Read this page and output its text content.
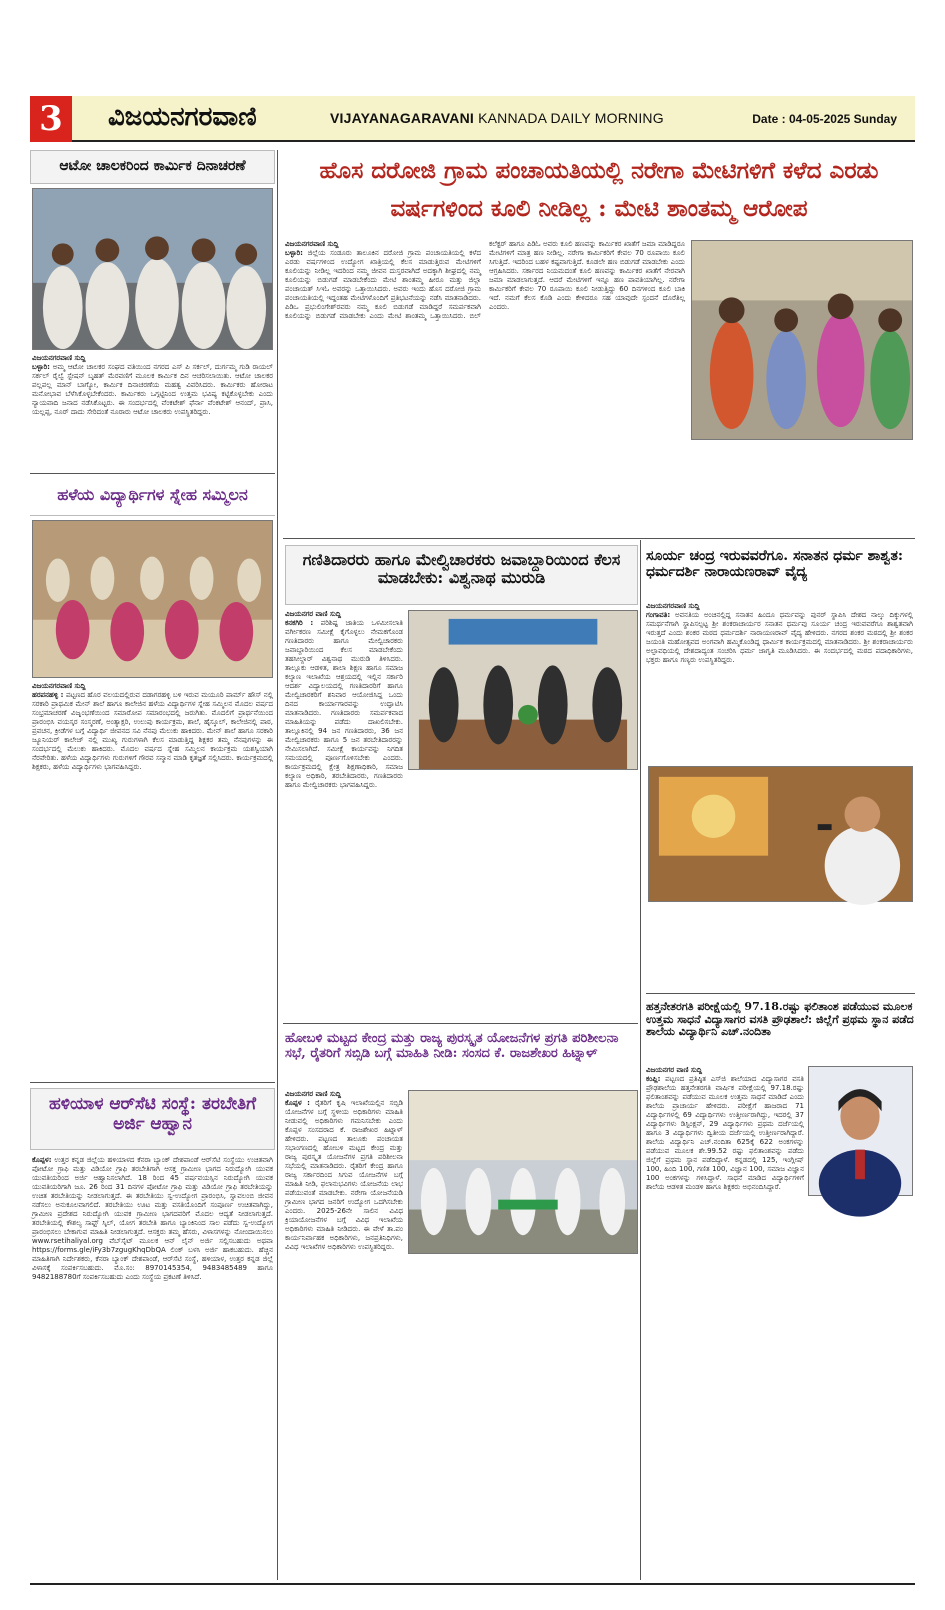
3	ವಿಜಯನಗರವಾಣಿ	VIJAYANAGARAVANI KANNADA DAILY MORNING	Date : 04-05-2025 Sunday
ಆಟೋ ಚಾಲಕರಿಂದ ಕಾರ್ಮಿಕ ದಿನಾಚರಣೆ
ವಿಜಯನಗರವಾಣಿ ಸುದ್ದಿ
ಬಳ್ಳಾರಿ: ಅಮ್ಮ ಆಟೋ ಚಾಲಕರ ಸಂಘದ ವತಿಯಿಂದ ನಗರದ ಎಸ್ ಪಿ ಸರ್ಕಲ್, ದುರ್ಗಮ್ಮ ಗುಡಿ ರಾಯಲ್ ಸರ್ಕಲ್ ರೈಲ್ವೆ ಸ್ಟೇಷನ್ ಬೃಹತ್ ಮೆರವಣಿಗೆ ಮೂಲಕ ಕಾರ್ಮಿಕ ದಿನ ಆಚರಿಸಲಾಯಿತು. ಆಟೋ ಚಾಲಕರ ಪಲ್ಲಪಲ್ಲ ಮಾನ್ ಬಾಗ್ಯೋ, ಕಾರ್ಮಿಕ ದಿನಾಚರಣೆಯ ಮಹತ್ವ ವಿವರಿಸಿದರು. ಕಾರ್ಮಿಕರು ಹೋರಾಟ ಮನೋಭಾವ ಬೆಳೆಸಿಕೊಳ್ಳಬೇಕೆಂದರು. ಕಾರ್ಮಿಕರು ಒಗ್ಗಟ್ಟಿನಿಂದ ಉತ್ತಮ ಭವಿಷ್ಯ ಕಟ್ಟಿಕೊಳ್ಳಬೇಕು ಎಂದು ನ್ಯಾಯವಾದಿ ಜನಾದ ನಡೆಸಿಕೊಟ್ಟರು. ಈ ಸಂದರ್ಭದಲ್ಲಿ ವೆಂಕಟೇಶ್ ಫೆರ್ನಾ ವೆಂಕಟೇಶ್ ಆನಂದ್, ಪ್ರಾಸಿ, ಯಲ್ಲಪ್ಪ, ನೂರ್ ದಾದು ಸೇರಿದಂತೆ ನೂರಾರು ಆಟೋ ಚಾಲಕರು ಉಪಸ್ಥಿತರಿದ್ದರು.
ಹಳೆಯ ವಿದ್ಯಾರ್ಥಿಗಳ ಸ್ನೇಹ ಸಮ್ಮಿಲನ
ವಿಜಯನಗರವಾಣಿ ಸುದ್ದಿ
ಹರಪನಹಳ್ಳಿ : ಪಟ್ಟಣದ ಹೊರ ವಲಯದಲ್ಲಿರುವ ದಡಾಗರಹಳ್ಳಿ ಬಳಿ ಇರುವ ಮಯೂರಿ ಪಾರ್ಮ್ ಹೌಸ್ ನಲ್ಲಿ ಸರಕಾರಿ ಪ್ರಾಥಮಿಕ ಮೇನ್ ಶಾಲೆ ಹಾಗೂ ಕಾಲೇಜಿನ ಹಳೆಯ ವಿದ್ಯಾರ್ಥಿಗಳ ಸ್ನೇಹ ಸಮ್ಮಿಲನ ಮೊದಲ ವರ್ಷದ ಸಂಭ್ರಮಾಚರಣೆ ವಿಜೃಂಭಣೆಯಿಂದ ಸಮಾರೋಪ ಸಮಾರಂಭದಲ್ಲಿ ಜರುಗಿತು. ಮೊದಲಿಗೆ ಪ್ರಾರ್ಥನೆಯಿಂದ ಪ್ರಾರಂಭಿಸಿ ವಯಸ್ಕರ ಸಂಸ್ಮರಣೆ, ಅಂತ್ಯಾಕ್ಷರಿ, ಉಲುಪು ಕಾರ್ಯಕ್ರಮ, ಶಾಲೆ, ಹೈಸ್ಕೂಲ್, ಕಾಲೇಜಿನಲ್ಲಿ ಪಾಠ, ಪ್ರವಚನ, ಕ್ರೀಡೆಗಳ ಬಗ್ಗೆ ವಿದ್ಯಾರ್ಥಿ ಜೀವನದ ಸವಿ ನೆನಪು ಮೆಲುಕು ಹಾಕಿದರು. ಮೇನ್ ಶಾಲೆ ಹಾಗೂ ಸರಕಾರಿ ಜ್ಯೂನಿಯರ್ ಕಾಲೇಜ್ ನಲ್ಲಿ ಮುಖ್ಯ ಗುರುಗಳಾಗಿ ಕೆಲಸ ಮಾಡುತ್ತಿದ್ದ ಶಿಕ್ಷಕರ ತಮ್ಮ ನೆನಪುಗಳನ್ನು ಈ ಸಂದರ್ಭದಲ್ಲಿ ಮೆಲುಕು ಹಾಕಿದರು. ಮೊದಲ ವರ್ಷದ ಸ್ನೇಹ ಸಮ್ಮಿಲನ ಕಾರ್ಯಕ್ರಮ ಯಶಸ್ವಿಯಾಗಿ ನೆರವೇರಿತು. ಹಳೆಯ ವಿದ್ಯಾರ್ಥಿಗಳು ಗುರುಗಳಿಗೆ ಗೌರವ ಸನ್ಮಾನ ಮಾಡಿ ಕೃತಜ್ಞತೆ ಸಲ್ಲಿಸಿದರು. ಕಾರ್ಯಕ್ರಮದಲ್ಲಿ ಶಿಕ್ಷಕರು, ಹಳೆಯ ವಿದ್ಯಾರ್ಥಿಗಳು ಭಾಗವಹಿಸಿದ್ದರು.
ಹಳಿಯಾಳ ಆರ್‌ಸೆಟಿ ಸಂಸ್ಥೆ: ತರಬೇತಿಗೆ ಅರ್ಜಿ ಆಹ್ವಾನ
ಕೊಪ್ಪಳ: ಉತ್ತರ ಕನ್ನಡ ಜಿಲ್ಲೆಯ ಹಳಿಯಾಳದ ಕೆನರಾ ಬ್ಯಾಂಕ್ ದೇಶಪಾಂಡೆ ಆರ್‌ಸೆಟಿ ಸಂಸ್ಥೆಯು ಉಚಿತವಾಗಿ ಪೋಟೋ ಗ್ರಾಫಿ ಮತ್ತು ವಿಡಿಯೋ ಗ್ರಾಫಿ ತರಬೇತಿಗಾಗಿ ಆಸಕ್ತ ಗ್ರಾಮೀಣ ಭಾಗದ ನಿರುದ್ಯೋಗಿ ಯುವಕ ಯುವತಿಯರಿಂದ ಅರ್ಜಿ ಆಹ್ವಾನಿಸಲಾಗಿದೆ. 18 ರಿಂದ 45 ವರ್ಷವಯಸ್ಸಿನ ನಿರುದ್ಯೋಗಿ ಯುವಕ ಯುವತಿಯರಿಗಾಗಿ ಜೂ. 26 ರಿಂದ 31 ದಿನಗಳ ಪೋಟೋ ಗ್ರಾಫಿ ಮತ್ತು ವಿಡಿಯೋ ಗ್ರಾಫಿ ತರಬೇತಿಯನ್ನು ಉಚಿತ ತರಬೇತಿಯನ್ನು ನೀಡಲಾಗುತ್ತದೆ. ಈ ತರಬೇತಿಯು ಸ್ವ-ಉದ್ಯೋಗ ಪ್ರಾರಂಭಿಸಿ, ಸ್ವಾವಲಂಬಿ ಜೀವನ ನಡೆಸಲು ಅನುಕೂಲವಾಗಲಿದೆ. ತರಬೇತಿಯು ಊಟ ಮತ್ತು ವಸತಿಯೊಂದಿಗೆ ಸಂಪೂರ್ಣ ಉಚಿತವಾಗಿದ್ದು, ಗ್ರಾಮೀಣ ಪ್ರದೇಶದ ನಿರುದ್ಯೋಗಿ ಯುವಕ ಗ್ರಾಮೀಣ ಭಾಗದವರಿಗೆ ಮೊದಲ ಆದ್ಯತೆ ನೀಡಲಾಗುತ್ತದೆ. ತರಬೇತಿಯಲ್ಲಿ ಕೌಶಲ್ಯ ಸಾಫ್ಟ್ ಸ್ಕಿಲ್, ಯೋಗ ತರಬೇತಿ ಹಾಗೂ ಬ್ಯಾಂಕಿನಿಂದ ಸಾಲ ಪಡೆದು ಸ್ವ-ಉದ್ಯೋಗ ಪ್ರಾರಂಭಿಸಲು ಬೇಕಾಗುವ ಮಾಹಿತಿ ನೀಡಲಾಗುತ್ತದೆ. ಆಸಕ್ತರು ತಮ್ಮ ಹೆಸರು, ವಿಳಾಸಗಳನ್ನು ನೋಂದಾಯಿಸಲು www.rsetihaliyal.org ವೆಬ್‌ಸೈಟ್ ಮೂಲಕ ಆನ್ ಲೈನ್ ಅರ್ಜಿ ಸಲ್ಲಿಸಬಹುದು ಅಥವಾ https://forms.gle/iFy3b7zgugKhqDbQA ಲಿಂಕ್ ಬಳಸಿ ಅರ್ಜಿ ಹಾಕಬಹುದು. ಹೆಚ್ಚಿನ ಮಾಹಿತಿಗಾಗಿ ನಿರ್ದೇಶಕರು, ಕೆನರಾ ಬ್ಯಾಂಕ್ ದೇಶಪಾಂಡೆ, ಆರ್‌ಸೆಟಿ ಸಂಸ್ಥೆ, ಹಳಿಯಾಳ, ಉತ್ತರ ಕನ್ನಡ ಜಿಲ್ಲೆ ವಿಳಾಸಕ್ಕೆ ಸಂಪರ್ಕಿಸಬಹುದು. ಮೊ.ಸಂ: 8970145354, 9483485489 ಹಾಗೂ 9482188780ಗೆ ಸಂಪರ್ಕಿಸಬಹುದು ಎಂದು ಸಂಸ್ಥೆಯ ಪ್ರಕಟಣೆ ತಿಳಿಸಿದೆ.
ಹೊಸ ದರೋಜಿ ಗ್ರಾಮ ಪಂಚಾಯತಿಯಲ್ಲಿ ನರೇಗಾ ಮೇಟಿಗಳಿಗೆ ಕಳೆದ ಎರಡು ವರ್ಷಗಳಿಂದ ಕೂಲಿ ನೀಡಿಲ್ಲ : ಮೇಟಿ ಶಾಂತಮ್ಮ ಆರೋಪ
ವಿಜಯನಗರವಾಣಿ ಸುದ್ದಿ
ಬಳ್ಳಾರಿ: ಜಿಲ್ಲೆಯ ಸಂಡೂರು ತಾಲೂಕಿನ ದರೋಜಿ ಗ್ರಾಮ ಪಂಚಾಯತಿಯಲ್ಲಿ ಕಳೆದ ಎರಡು ವರ್ಷಗಳಿಂದ ಉದ್ಯೋಗ ಖಾತ್ರಿಯಲ್ಲಿ ಕೆಲಸ ಮಾಡುತ್ತಿರುವ ಮೇಟಿಗಳಿಗೆ ಕೂಲಿಯನ್ನು ನೀಡಿಲ್ಲ ಇದರಿಂದ ನಮ್ಮ ಜೀವನ ದುಸ್ತರವಾಗಿದೆ ಅದಕ್ಕಾಗಿ ಶೀಘ್ರದಲ್ಲಿ ನಮ್ಮ ಕೂಲಿಯನ್ನು ಬಿಡುಗಡೆ ಮಾಡಬೇಕೆಂದು ಮೇಟಿ ಶಾಂತಮ್ಮ ಹೀರೂ ಮತ್ತು ಜಿಲ್ಲಾ ಪಂಚಾಯತ್ ಸಿಇಓ ಅವರನ್ನು ಒತ್ತಾಯಿಸಿದರು. ಅವರು ಇಂದು ಹೊಸ ದರೋಜಿ ಗ್ರಾಮ ಪಂಚಾಯತಿಯಲ್ಲಿ ಇದ್ದಂತಹ ಮೇಟಿಗಳೊಂದಿಗೆ ಪ್ರತಿಭಟನೆಯನ್ನು ನಡೆಸಿ ಮಾತನಾಡಿದರು. ಪಿಡಿಒ ಪ್ರಭುಲಿಂಗೇಶ್‌ರವರು ನಮ್ಮ ಕೂಲಿ ಬಿಡುಗಡೆ ಮಾಡಿದ್ದರೆ ಸಮರ್ಪಕವಾಗಿ ಕೂಲಿಯನ್ನು ಬಿಡುಗಡೆ ಮಾಡಬೇಕು ಎಂದು ಮೇಟಿ ಶಾಂತಮ್ಮ ಒತ್ತಾಯಿಸಿದರು. ಬಿಲ್ ಕಲೆಕ್ಟರ್ ಹಾಗೂ ಪಿಡಿಓ ಅವರು ಕೂಲಿ ಹಣವನ್ನು ಕಾರ್ಮಿಕರ ಖಾತೆಗೆ ಜಮಾ ಮಾಡಿದ್ದರೂ ಮೇಟಿಗಳಿಗೆ ಮಾತ್ರ ಹಣ ನೀಡಿಲ್ಲ. ನರೇಗಾ ಕಾರ್ಮಿಕರಿಗೆ ಕೇವಲ 70 ರೂಪಾಯಿ ಕೂಲಿ ಸಿಗುತ್ತಿದೆ. ಇದರಿಂದ ಬಹಳ ಕಷ್ಟವಾಗುತ್ತಿದೆ. ಕೂಡಲೇ ಹಣ ಬಿಡುಗಡೆ ಮಾಡಬೇಕು ಎಂದು ಆಗ್ರಹಿಸಿದರು. ಸರ್ಕಾರದ ನಿಯಮದಂತೆ ಕೂಲಿ ಹಣವನ್ನು ಕಾರ್ಮಿಕರ ಖಾತೆಗೆ ನೇರವಾಗಿ ಜಮಾ ಮಾಡಲಾಗುತ್ತದೆ. ಆದರೆ ಮೇಟಿಗಳಿಗೆ ಇನ್ನೂ ಹಣ ಪಾವತಿಯಾಗಿಲ್ಲ. ನರೇಗಾ ಕಾರ್ಮಿಕರಿಗೆ ಕೇವಲ 70 ರೂಪಾಯಿ ಕೂಲಿ ನೀಡುತ್ತಿದ್ದು 60 ದಿನಗಳಿಂದ ಕೂಲಿ ಬಾಕಿ ಇದೆ. ನಮಗೆ ಕೆಲಸ ಕೊಡಿ ಎಂದು ಕೇಳಿದರೂ ಸಹ ಯಾವುದೇ ಸ್ಪಂದನೆ ದೊರೆತಿಲ್ಲ ಎಂದರು.
ಗಣಿತಿದಾರರು ಹಾಗೂ ಮೇಲ್ವಿಚಾರಕರು ಜವಾಬ್ದಾರಿಯಿಂದ ಕೆಲಸ ಮಾಡಬೇಕು: ವಿಶ್ವನಾಥ ಮುರುಡಿ
ವಿಜಯನಗರ ವಾಣಿ ಸುದ್ದಿ
ಕನಕಗಿರಿ : ಪರಿಶಿಷ್ಟ ಜಾತಿಯ ಒಳಮೀಸಲಾತಿ ವರ್ಗೀಕರಣ ಸಮೀಕ್ಷೆ ಕೈಗೊಳ್ಳಲು ನೇಮಕಗೊಂಡ ಗಣತಿದಾರರು ಹಾಗೂ ಮೇಲ್ವಿಚಾರಕರು ಜವಾಬ್ದಾರಿಯಿಂದ ಕೆಲಸ ಮಾಡಬೇಕೆಂದು ತಹಸೀಲ್ದಾರ್ ವಿಶ್ವನಾಥ ಮುರುಡಿ ತಿಳಿಸಿದರು. ತಾಲ್ಲೂಕು ಆಡಳಿತ, ಶಾಲಾ ಶಿಕ್ಷಣ ಹಾಗೂ ಸಮಾಜ ಕಲ್ಯಾಣ ಇಲಾಖೆಯ ಆಶ್ರಯದಲ್ಲಿ ಇಲ್ಲಿನ ಸರ್ಕಾರಿ ಆದರ್ಶ ವಿದ್ಯಾಲಯದಲ್ಲಿ ಗಣತಿದಾರರಿಗೆ ಹಾಗೂ ಮೇಲ್ವಿಚಾರಕರಿಗೆ ಶನಿವಾರ ಆಯೋಜಿಸಿದ್ದ ಒಂದು ದಿನದ ಕಾರ್ಯಾಗಾರವನ್ನು ಉದ್ಘಾಟಿಸಿ ಮಾತನಾಡಿದರು. ಗಣತಿದಾರರು ಸಮರ್ಪಕವಾದ ಮಾಹಿತಿಯನ್ನು ಪಡೆದು ದಾಖಲಿಸಬೇಕು. ತಾಲ್ಲೂಕಿನಲ್ಲಿ 94 ಜನ ಗಣತಿದಾರರು, 36 ಜನ ಮೇಲ್ವಿಚಾರಕರು ಹಾಗೂ 5 ಜನ ತರಬೇತಿದಾರರನ್ನು ನೇಮಿಸಲಾಗಿದೆ. ಸಮೀಕ್ಷೆ ಕಾರ್ಯವನ್ನು ನಿಗದಿತ ಸಮಯದಲ್ಲಿ ಪೂರ್ಣಗೊಳಿಸಬೇಕು ಎಂದರು. ಕಾರ್ಯಕ್ರಮದಲ್ಲಿ ಕ್ಷೇತ್ರ ಶಿಕ್ಷಣಾಧಿಕಾರಿ, ಸಮಾಜ ಕಲ್ಯಾಣ ಅಧಿಕಾರಿ, ತರಬೇತಿದಾರರು, ಗಣತಿದಾರರು ಹಾಗೂ ಮೇಲ್ವಿಚಾರಕರು ಭಾಗವಹಿಸಿದ್ದರು.
ಹೋಬಳಿ ಮಟ್ಟದ ಕೇಂದ್ರ ಮತ್ತು ರಾಜ್ಯ ಪುರಸ್ಕೃತ ಯೋಜನೆಗಳ ಪ್ರಗತಿ ಪರಿಶೀಲನಾ ಸಭೆ, ರೈತರಿಗೆ ಸಬ್ಸಿಡಿ ಬಗ್ಗೆ ಮಾಹಿತಿ ನೀಡಿ: ಸಂಸದ ಕೆ. ರಾಜಶೇಖರ ಹಿಟ್ನಾಳ್
ವಿಜಯನಗರ ವಾಣಿ ಸುದ್ದಿ
ಕೊಪ್ಪಳ : ರೈತರಿಗೆ ಕೃಷಿ ಇಲಾಖೆಯಲ್ಲಿನ ಸಬ್ಸಿಡಿ ಯೋಜನೆಗಳ ಬಗ್ಗೆ ಸ್ಥಳೀಯ ಅಧಿಕಾರಿಗಳು ಮಾಹಿತಿ ನೀಡುವಲ್ಲಿ ಅಧಿಕಾರಿಗಳು ಗಮನಿಸಬೇಕು ಎಂದು ಕೊಪ್ಪಳ ಸಂಸದರಾದ ಕೆ. ರಾಜಶೇಖರ ಹಿಟ್ನಾಳ್ ಹೇಳಿದರು. ಪಟ್ಟಣದ ತಾಲೂಕು ಪಂಚಾಯತ ಸಭಾಂಗಣದಲ್ಲಿ ಹೋಬಳಿ ಮಟ್ಟದ ಕೇಂದ್ರ ಮತ್ತು ರಾಜ್ಯ ಪುರಸ್ಕೃತ ಯೋಜನೆಗಳ ಪ್ರಗತಿ ಪರಿಶೀಲನಾ ಸಭೆಯಲ್ಲಿ ಮಾತನಾಡಿದರು. ರೈತರಿಗೆ ಕೇಂದ್ರ ಹಾಗೂ ರಾಜ್ಯ ಸರ್ಕಾರದಿಂದ ಸಿಗುವ ಯೋಜನೆಗಳ ಬಗ್ಗೆ ಮಾಹಿತಿ ನೀಡಿ, ಫಲಾನುಭವಿಗಳು ಯೋಜನೆಯ ಲಾಭ ಪಡೆಯುವಂತೆ ಮಾಡಬೇಕು. ನರೇಗಾ ಯೋಜನೆಯಡಿ ಗ್ರಾಮೀಣ ಭಾಗದ ಜನರಿಗೆ ಉದ್ಯೋಗ ಒದಗಿಸಬೇಕು ಎಂದರು. 2025-26ನೇ ಸಾಲಿನ ವಿವಿಧ ಕ್ರಿಯಾಯೋಜನೆಗಳ ಬಗ್ಗೆ ವಿವಿಧ ಇಲಾಖೆಯ ಅಧಿಕಾರಿಗಳು ಮಾಹಿತಿ ನೀಡಿದರು. ಈ ವೇಳೆ ತಾ.ಪಂ ಕಾರ್ಯನಿರ್ವಾಹಕ ಅಧಿಕಾರಿಗಳು, ಜನಪ್ರತಿನಿಧಿಗಳು, ವಿವಿಧ ಇಲಾಖೆಗಳ ಅಧಿಕಾರಿಗಳು ಉಪಸ್ಥಿತರಿದ್ದರು.
ಸೂರ್ಯ ಚಂದ್ರ ಇರುವವರೆಗೂ. ಸನಾತನ ಧರ್ಮ ಶಾಶ್ವತ: ಧರ್ಮದರ್ಶಿ ನಾರಾಯಣರಾವ್ ವೈದ್ಯ
ವಿಜಯನಗರವಾಣಿ ಸುದ್ದಿ
ಗಂಗಾವತಿ: ಅವನತಿಯ ಅಂಚಿನಲ್ಲಿದ್ದ ಸನಾತನ ಹಿಂದೂ ಧರ್ಮವನ್ನು ಪುನರ್ ಸ್ಥಾಪಿಸಿ ದೇಶದ ನಾಲ್ಕು ದಿಕ್ಕುಗಳಲ್ಲಿ ಸಮರ್ಥನೆಗಾಗಿ ಸ್ಥಾಪಿಸಲ್ಪಟ್ಟ ಶ್ರೀ ಶಂಕರಾಚಾರ್ಯರ ಸನಾತನ ಧರ್ಮವು ಸೂರ್ಯ ಚಂದ್ರ ಇರುವವರೆಗೂ ಶಾಶ್ವತವಾಗಿ ಇರುತ್ತದೆ ಎಂದು ಶಂಕರ ಮಠದ ಧರ್ಮದರ್ಶಿ ನಾರಾಯಣರಾವ್ ವೈದ್ಯ ಹೇಳಿದರು. ನಗರದ ಶಂಕರ ಮಠದಲ್ಲಿ ಶ್ರೀ ಶಂಕರ ಜಯಂತಿ ಮಹೋತ್ಸವದ ಅಂಗವಾಗಿ ಹಮ್ಮಿಕೊಂಡಿದ್ದ ಧಾರ್ಮಿಕ ಕಾರ್ಯಕ್ರಮದಲ್ಲಿ ಮಾತನಾಡಿದರು. ಶ್ರೀ ಶಂಕರಾಚಾರ್ಯರು ಅಲ್ಪಾವಧಿಯಲ್ಲಿ ದೇಶದಾದ್ಯಂತ ಸಂಚರಿಸಿ ಧರ್ಮ ಜಾಗೃತಿ ಮೂಡಿಸಿದರು. ಈ ಸಂದರ್ಭದಲ್ಲಿ ಮಠದ ಪದಾಧಿಕಾರಿಗಳು, ಭಕ್ತರು ಹಾಗೂ ಗಣ್ಯರು ಉಪಸ್ಥಿತರಿದ್ದರು.
ಹತ್ತನೇತರಗತಿ ಪರೀಕ್ಷೆಯಲ್ಲಿ 97.18.ರಷ್ಟು ಫಲಿತಾಂಶ ಪಡೆಯುವ ಮೂಲಕ ಉತ್ತಮ ಸಾಧನೆ ವಿದ್ಯಾಸಾಗರ ವಸತಿ ಪ್ರೌಢಶಾಲೆ: ಜಿಲ್ಲೆಗೆ ಪ್ರಥಮ ಸ್ಥಾನ ಪಡೆದ ಶಾಲೆಯ ವಿದ್ಯಾರ್ಥಿನಿ ಎಚ್.ನಂದಿತಾ
ವಿಜಯನಗರ ವಾಣಿ ಸುದ್ದಿ
ಕಂಪ್ಲಿ: ಪಟ್ಟಣದ ಪ್ರತಿಷ್ಠಿತ ಎಸ್‌ಜಿ ಶಾಲೆಯಾದ ವಿದ್ಯಾಸಾಗರ ವಸತಿ ಪ್ರೌಢಶಾಲೆಯ ಹತ್ತನೇತರಗತಿ ವಾರ್ಷಿಕ ಪರೀಕ್ಷೆಯಲ್ಲಿ 97.18.ರಷ್ಟು ಫಲಿತಾಂಶವನ್ನು ಪಡೆಯುವ ಮೂಲಕ ಉತ್ತಮ ಸಾಧನೆ ಮಾಡಿದೆ ಎಂದು ಶಾಲೆಯ ಪ್ರಾಚಾರ್ಯ ಹೇಳಿದರು. ಪರೀಕ್ಷೆಗೆ ಹಾಜರಾದ 71 ವಿದ್ಯಾರ್ಥಿಗಳಲ್ಲಿ 69 ವಿದ್ಯಾರ್ಥಿಗಳು ಉತ್ತೀರ್ಣರಾಗಿದ್ದು, ಇದರಲ್ಲಿ 37 ವಿದ್ಯಾರ್ಥಿಗಳು ಡಿಸ್ಟಿಂಕ್ಷನ್, 29 ವಿದ್ಯಾರ್ಥಿಗಳು ಪ್ರಥಮ ದರ್ಜೆಯಲ್ಲಿ ಹಾಗೂ 3 ವಿದ್ಯಾರ್ಥಿಗಳು ದ್ವಿತೀಯ ದರ್ಜೆಯಲ್ಲಿ ಉತ್ತೀರ್ಣರಾಗಿದ್ದಾರೆ. ಶಾಲೆಯ ವಿದ್ಯಾರ್ಥಿನಿ ಎಚ್.ನಂದಿತಾ 625ಕ್ಕೆ 622 ಅಂಕಗಳನ್ನು ಪಡೆಯುವ ಮೂಲಕ ಶೇ.99.52 ರಷ್ಟು ಫಲಿತಾಂಶವನ್ನು ಪಡೆದು ಜಿಲ್ಲೆಗೆ ಪ್ರಥಮ ಸ್ಥಾನ ಪಡೆದಿದ್ದಾಳೆ. ಕನ್ನಡದಲ್ಲಿ 125, ಇಂಗ್ಲೀಷ್ 100, ಹಿಂದಿ 100, ಗಣಿತ 100, ವಿಜ್ಞಾನ 100, ಸಮಾಜ ವಿಜ್ಞಾನ 100 ಅಂಕಗಳನ್ನು ಗಳಿಸಿದ್ದಾಳೆ. ಸಾಧನೆ ಮಾಡಿದ ವಿದ್ಯಾರ್ಥಿಗಳಿಗೆ ಶಾಲೆಯ ಆಡಳಿತ ಮಂಡಳಿ ಹಾಗೂ ಶಿಕ್ಷಕರು ಅಭಿನಂದಿಸಿದ್ದಾರೆ.
